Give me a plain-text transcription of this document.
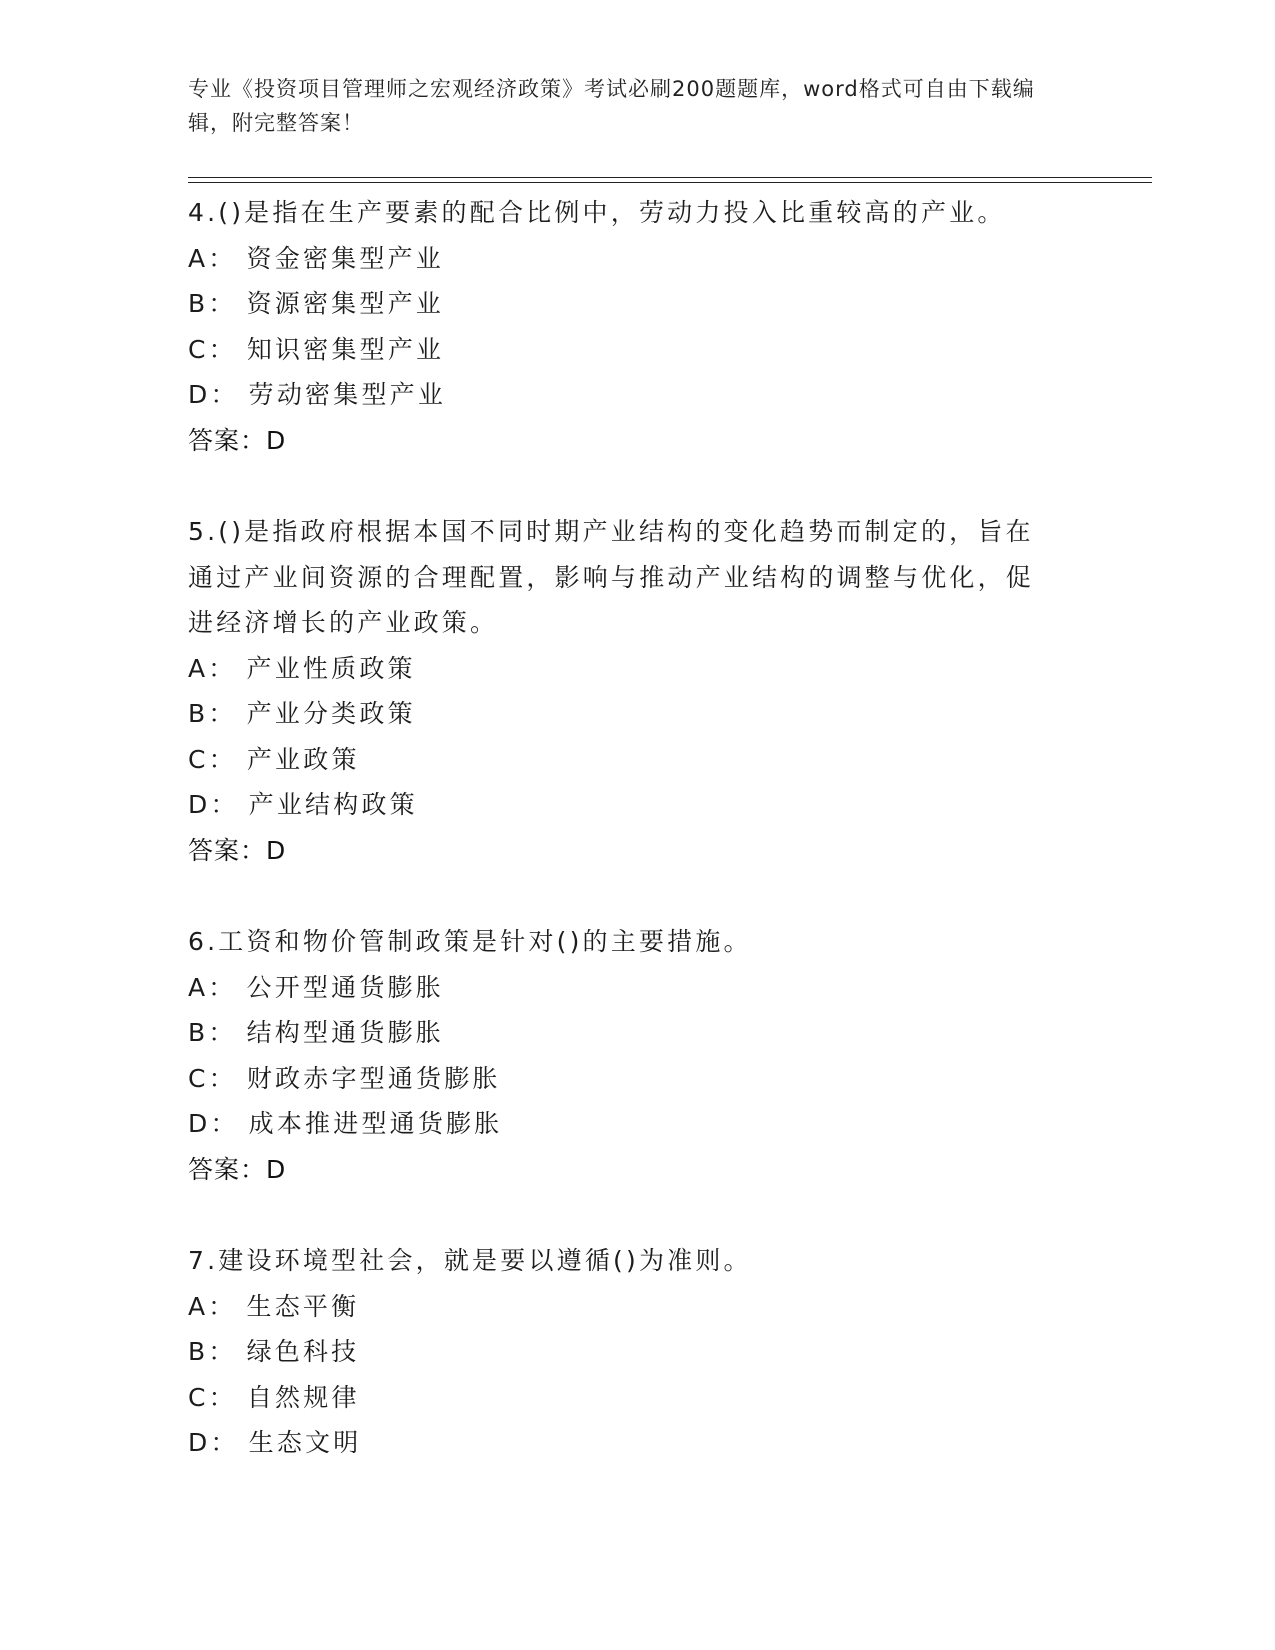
专业《投资项目管理师之宏观经济政策》考试必刷200题题库，word格式可自由下载编辑，附完整答案！
4.()是指在生产要素的配合比例中，劳动力投入比重较高的产业。
A： 资金密集型产业
B： 资源密集型产业
C： 知识密集型产业
D： 劳动密集型产业
答案：D
5.()是指政府根据本国不同时期产业结构的变化趋势而制定的，旨在通过产业间资源的合理配置，影响与推动产业结构的调整与优化，促进经济增长的产业政策。
A： 产业性质政策
B： 产业分类政策
C： 产业政策
D： 产业结构政策
答案：D
6.工资和物价管制政策是针对()的主要措施。
A： 公开型通货膨胀
B： 结构型通货膨胀
C： 财政赤字型通货膨胀
D： 成本推进型通货膨胀
答案：D
7.建设环境型社会，就是要以遵循()为准则。
A： 生态平衡
B： 绿色科技
C： 自然规律
D： 生态文明
